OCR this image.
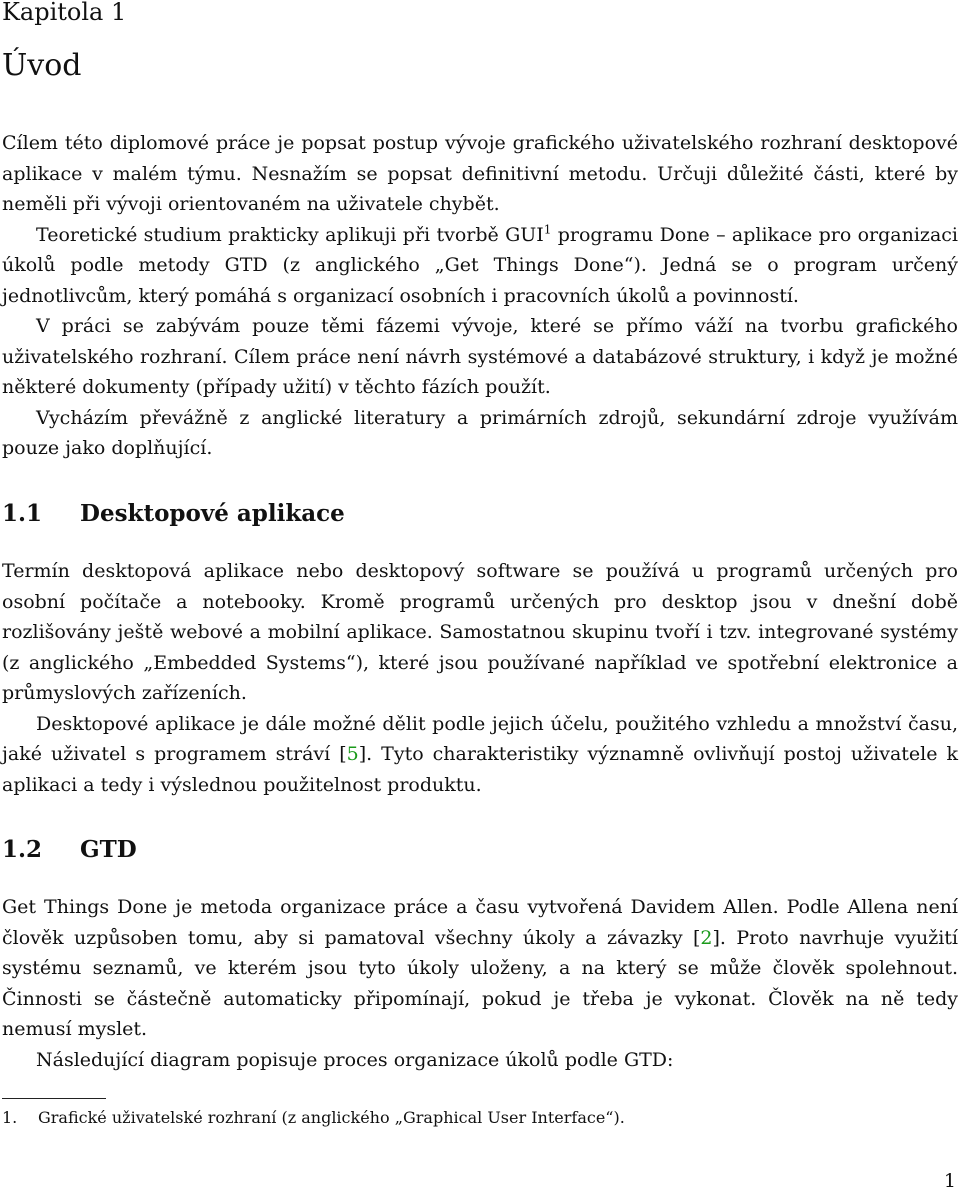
Kapitola 1
Úvod

Cílem této diplomové práce je popsat postup vývoje grafického uživatelského rozhraní desktopové aplikace v malém týmu. Nesnažím se popsat definitivní metodu. Určuji důležité části, které by neměli při vývoji orientovaném na uživatele chybět.

Teoretické studium prakticky aplikuji při tvorbě GUI$^1$ programu Done – aplikace pro organizaci úkolů podle metody GTD (z anglického „Get Things Done“). Jedná se o program určený jednotlivcům, který pomáhá s organizací osobních i pracovních úkolů a povinností.

V práci se zabývám pouze těmi fázemi vývoje, které se přímo váží na tvorbu grafického uživatelského rozhraní. Cílem práce není návrh systémové a databázové struktury, i když je možné některé dokumenty (případy užití) v těchto fázích použít.

Vycházím převážně z anglické literatury a primárních zdrojů, sekundární zdroje využívám pouze jako doplňující.

1.1 Desktopové aplikace

Termín desktopová aplikace nebo desktopový software se používá u programů určených pro osobní počítače a notebooky. Kromě programů určených pro desktop jsou v dnešní době rozlišovány ještě webové a mobilní aplikace. Samostatnou skupinu tvoří i tzv. integrované systémy (z anglického „Embedded Systems“), které jsou používané například ve spotřební elektronice a průmyslových zařízeních.

Desktopové aplikace je dále možné dělit podle jejich účelu, použitého vzhledu a množství času, jaké uživatel s programem stráví [5]. Tyto charakteristiky významně ovlivňují postoj uživatele k aplikaci a tedy i výslednou použitelnost produktu.

1.2 GTD

Get Things Done je metoda organizace práce a času vytvořená Davidem Allen. Podle Allena není člověk uzpůsoben tomu, aby si pamatoval všechny úkoly a závazky [2]. Proto navrhuje využití systému seznamů, ve kterém jsou tyto úkoly uloženy, a na který se může člověk spolehnout. Činnosti se částečně automaticky připomínají, pokud je třeba je vykonat. Člověk na ně tedy nemusí myslet.

Následující diagram popisuje proces organizace úkolů podle GTD:

1. Grafické uživatelské rozhraní (z anglického „Graphical User Interface“).
1
